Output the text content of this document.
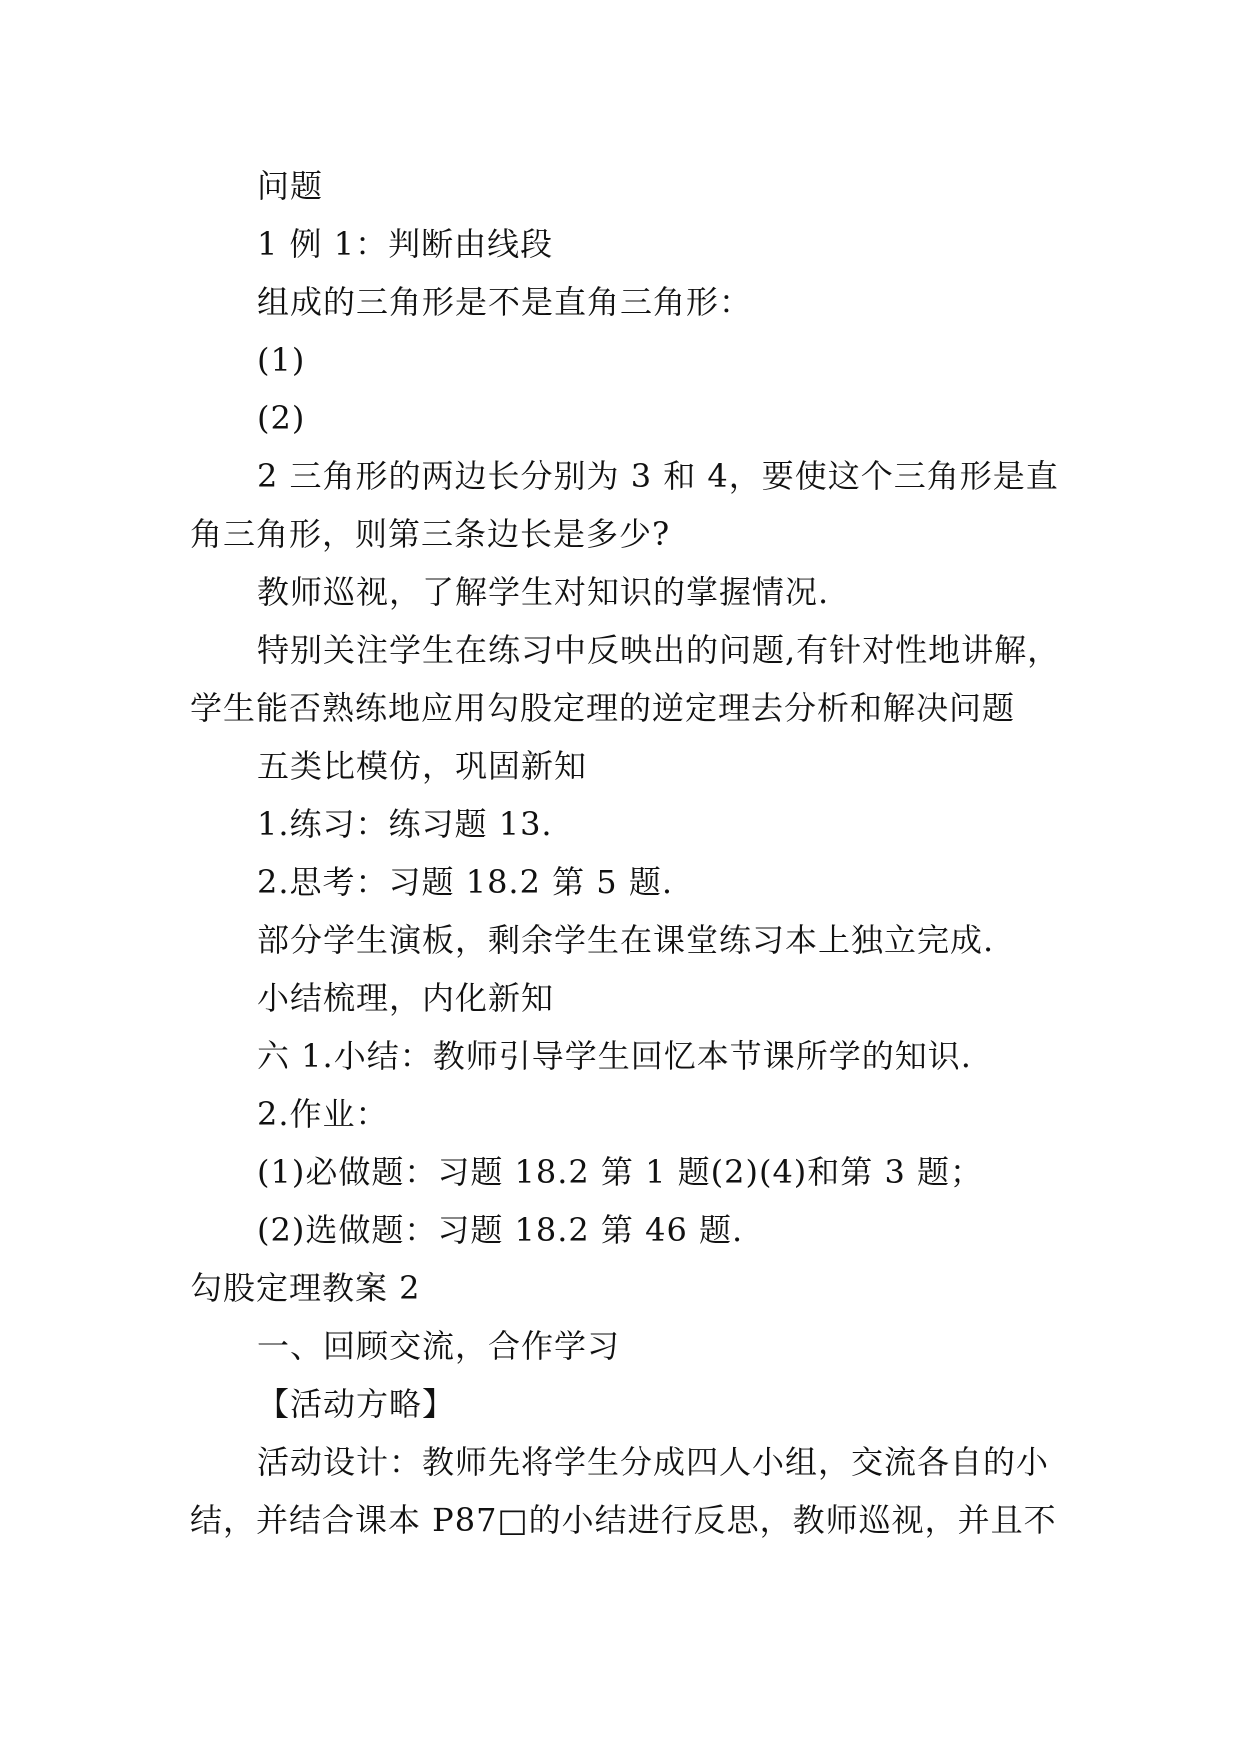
问题
1 例 1：判断由线段
组成的三角形是不是直角三角形：
(1)
(2)
2 三角形的两边长分别为 3 和 4，要使这个三角形是直
角三角形，则第三条边长是多少?
教师巡视，了解学生对知识的掌握情况.
特别关注学生在练习中反映出的问题,有针对性地讲解，
学生能否熟练地应用勾股定理的逆定理去分析和解决问题
五类比模仿，巩固新知
1.练习：练习题 13.
2.思考：习题 18.2 第 5 题.
部分学生演板，剩余学生在课堂练习本上独立完成.
小结梳理，内化新知
六 1.小结：教师引导学生回忆本节课所学的知识.
2.作业：
(1)必做题：习题 18.2 第 1 题(2)(4)和第 3 题；
(2)选做题：习题 18.2 第 46 题.
勾股定理教案 2
一、回顾交流，合作学习
【活动方略】
活动设计：教师先将学生分成四人小组，交流各自的小
结，并结合课本 P87□的小结进行反思，教师巡视，并且不
